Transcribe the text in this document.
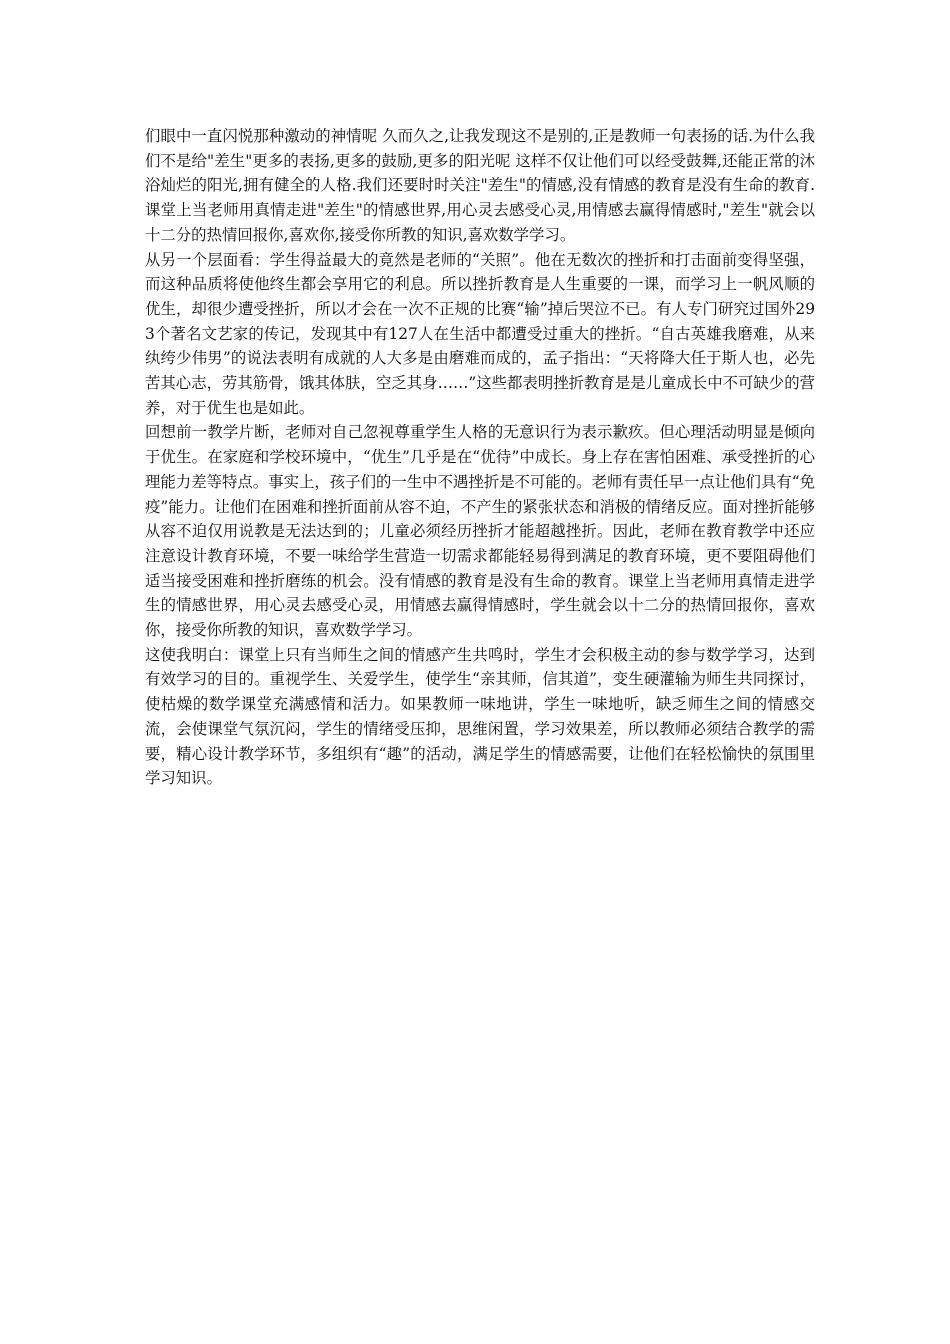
们眼中一直闪悦那种激动的神情呢 久而久之,让我发现这不是别的,正是教师一句表扬的话.为什么我们不是给"差生"更多的表扬,更多的鼓励,更多的阳光呢 这样不仅让他们可以经受鼓舞,还能正常的沐浴灿烂的阳光,拥有健全的人格.我们还要时时关注"差生"的情感,没有情感的教育是没有生命的教育.课堂上当老师用真情走进"差生"的情感世界,用心灵去感受心灵,用情感去赢得情感时,"差生"就会以十二分的热情回报你,喜欢你,接受你所教的知识,喜欢数学学习。

从另一个层面看：学生得益最大的竟然是老师的“关照”。他在无数次的挫折和打击面前变得坚强，而这种品质将使他终生都会享用它的利息。所以挫折教育是人生重要的一课，而学习上一帆风顺的优生，却很少遭受挫折，所以才会在一次不正规的比赛“输”掉后哭泣不已。有人专门研究过国外293个著名文艺家的传记，发现其中有127人在生活中都遭受过重大的挫折。“自古英雄我磨难，从来纨绔少伟男”的说法表明有成就的人大多是由磨难而成的，孟子指出：“天将降大任于斯人也，必先苦其心志，劳其筋骨，饿其体肤，空乏其身……”这些都表明挫折教育是是儿童成长中不可缺少的营养，对于优生也是如此。

回想前一教学片断，老师对自己忽视尊重学生人格的无意识行为表示歉疚。但心理活动明显是倾向于优生。在家庭和学校环境中，“优生”几乎是在“优待”中成长。身上存在害怕困难、承受挫折的心理能力差等特点。事实上，孩子们的一生中不遇挫折是不可能的。老师有责任早一点让他们具有“免疫”能力。让他们在困难和挫折面前从容不迫，不产生的紧张状态和消极的情绪反应。面对挫折能够从容不迫仅用说教是无法达到的；儿童必须经历挫折才能超越挫折。因此，老师在教育教学中还应注意设计教育环境，不要一味给学生营造一切需求都能轻易得到满足的教育环境，更不要阻碍他们适当接受困难和挫折磨练的机会。没有情感的教育是没有生命的教育。课堂上当老师用真情走进学生的情感世界，用心灵去感受心灵，用情感去赢得情感时，学生就会以十二分的热情回报你，喜欢你，接受你所教的知识，喜欢数学学习。

这使我明白：课堂上只有当师生之间的情感产生共鸣时，学生才会积极主动的参与数学学习，达到有效学习的目的。重视学生、关爱学生，使学生“亲其师，信其道”，变生硬灌输为师生共同探讨，使枯燥的数学课堂充满感情和活力。如果教师一味地讲，学生一味地听，缺乏师生之间的情感交流，会使课堂气氛沉闷，学生的情绪受压抑，思维闲置，学习效果差，所以教师必须结合教学的需要，精心设计教学环节，多组织有“趣”的活动，满足学生的情感需要，让他们在轻松愉快的氛围里学习知识。
